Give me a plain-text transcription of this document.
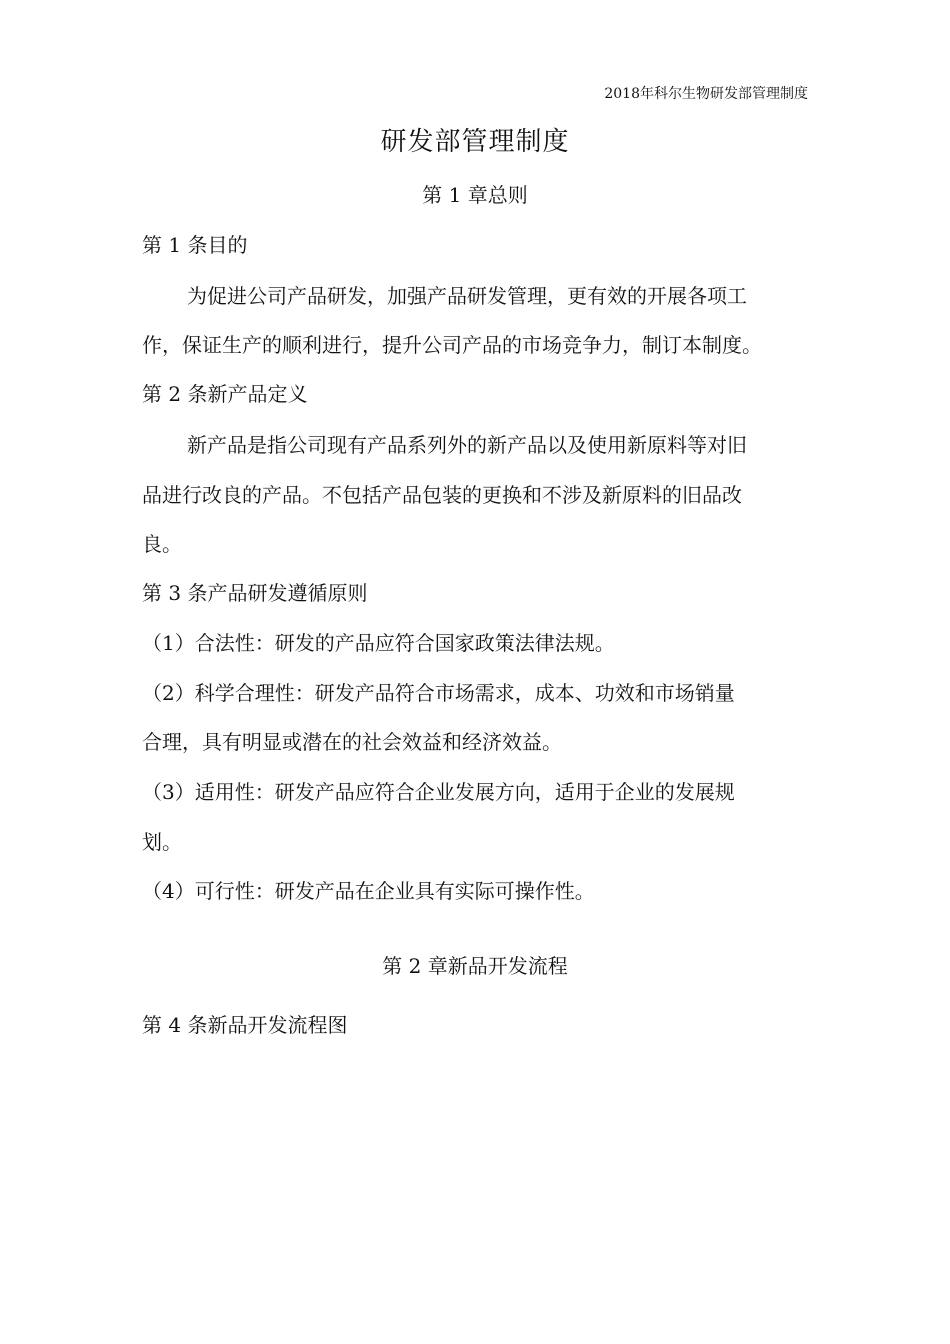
2018年科尔生物研发部管理制度
研发部管理制度
第 1 章总则
第 1 条目的
为促进公司产品研发，加强产品研发管理，更有效的开展各项工
作，保证生产的顺利进行，提升公司产品的市场竞争力，制订本制度。
第 2 条新产品定义
新产品是指公司现有产品系列外的新产品以及使用新原料等对旧
品进行改良的产品。不包括产品包装的更换和不涉及新原料的旧品改
良。
第 3 条产品研发遵循原则
（1）合法性：研发的产品应符合国家政策法律法规。
（2）科学合理性：研发产品符合市场需求，成本、功效和市场销量
合理，具有明显或潜在的社会效益和经济效益。
（3）适用性：研发产品应符合企业发展方向，适用于企业的发展规
划。
（4）可行性：研发产品在企业具有实际可操作性。
第 2 章新品开发流程
第 4 条新品开发流程图
